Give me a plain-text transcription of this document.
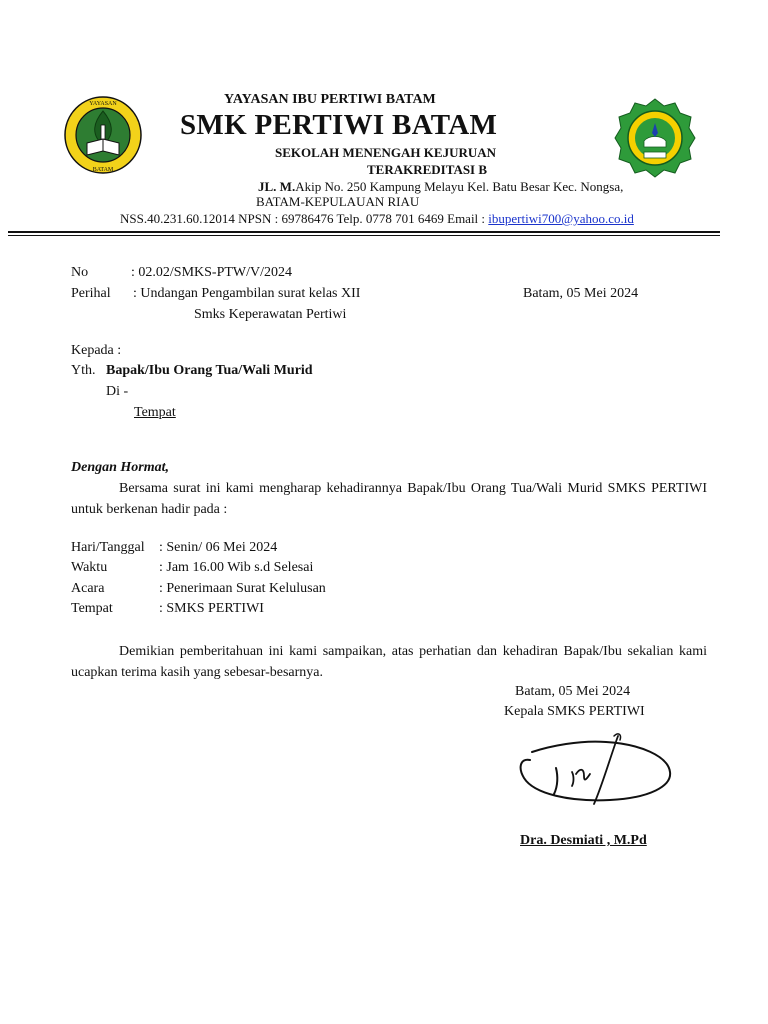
YAYASAN
BATAM
YAYASAN IBU PERTIWI BATAM
SMK PERTIWI BATAM
SEKOLAH MENENGAH KEJURUAN
TERAKREDITASI B
JL. M.Akip No. 250 Kampung Melayu Kel. Batu Besar Kec. Nongsa,
BATAM-KEPULAUAN RIAU
NSS.40.231.60.12014 NPSN : 69786476 Telp. 0778 701 6469 Email : ibupertiwi700@yahoo.co.id
No	: 02.02/SMKS-PTW/V/2024
Perihal : Undangan Pengambilan surat kelas XII
Smks Keperawatan Pertiwi
Batam, 05 Mei 2024
Kepada :
Yth. Bapak/Ibu Orang Tua/Wali Murid
Di -
Tempat
Dengan Hormat,
Bersama surat ini kami mengharap kehadirannya Bapak/Ibu Orang Tua/Wali Murid SMKS PERTIWI untuk berkenan hadir pada :
Hari/Tanggal : Senin/ 06 Mei 2024
Waktu	: Jam 16.00 Wib s.d Selesai
Acara	: Penerimaan Surat Kelulusan
Tempat	: SMKS PERTIWI
Demikian pemberitahuan ini kami sampaikan, atas perhatian dan kehadiran Bapak/Ibu sekalian kami ucapkan terima kasih yang sebesar-besarnya.
Batam, 05 Mei 2024
Kepala SMKS PERTIWI
Dra. Desmiati , M.Pd
